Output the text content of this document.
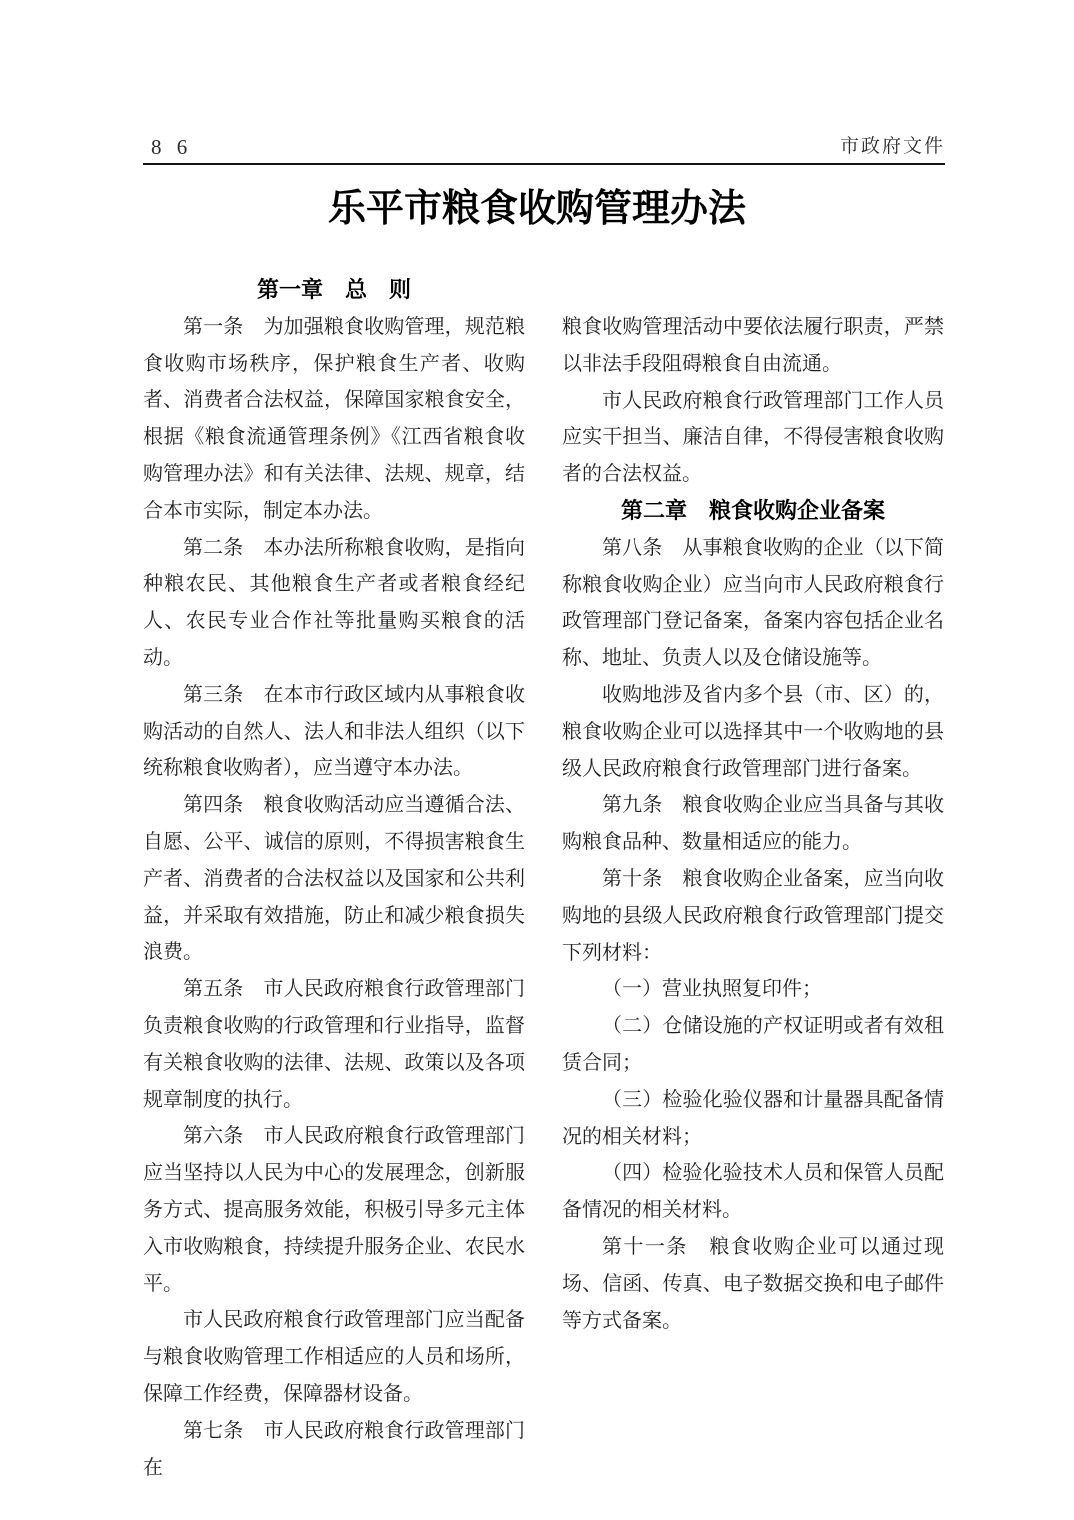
8 6	市政府文件
乐平市粮食收购管理办法

第一章　总　则

第一条　为加强粮食收购管理，规范粮食收购市场秩序，保护粮食生产者、收购者、消费者合法权益，保障国家粮食安全，根据《粮食流通管理条例》《江西省粮食收购管理办法》和有关法律、法规、规章，结合本市实际，制定本办法。

第二条　本办法所称粮食收购，是指向种粮农民、其他粮食生产者或者粮食经纪人、农民专业合作社等批量购买粮食的活动。

第三条　在本市行政区域内从事粮食收购活动的自然人、法人和非法人组织（以下统称粮食收购者），应当遵守本办法。

第四条　粮食收购活动应当遵循合法、自愿、公平、诚信的原则，不得损害粮食生产者、消费者的合法权益以及国家和公共利益，并采取有效措施，防止和减少粮食损失浪费。

第五条　市人民政府粮食行政管理部门负责粮食收购的行政管理和行业指导，监督有关粮食收购的法律、法规、政策以及各项规章制度的执行。

第六条　市人民政府粮食行政管理部门应当坚持以人民为中心的发展理念，创新服务方式、提高服务效能，积极引导多元主体入市收购粮食，持续提升服务企业、农民水平。

市人民政府粮食行政管理部门应当配备与粮食收购管理工作相适应的人员和场所，保障工作经费，保障器材设备。

第七条　市人民政府粮食行政管理部门在

粮食收购管理活动中要依法履行职责，严禁以非法手段阻碍粮食自由流通。

市人民政府粮食行政管理部门工作人员应实干担当、廉洁自律，不得侵害粮食收购者的合法权益。

第二章　粮食收购企业备案

第八条　从事粮食收购的企业（以下简称粮食收购企业）应当向市人民政府粮食行政管理部门登记备案，备案内容包括企业名称、地址、负责人以及仓储设施等。

收购地涉及省内多个县（市、区）的，粮食收购企业可以选择其中一个收购地的县级人民政府粮食行政管理部门进行备案。

第九条　粮食收购企业应当具备与其收购粮食品种、数量相适应的能力。

第十条　粮食收购企业备案，应当向收购地的县级人民政府粮食行政管理部门提交下列材料：

（一）营业执照复印件；

（二）仓储设施的产权证明或者有效租赁合同；

（三）检验化验仪器和计量器具配备情况的相关材料；

（四）检验化验技术人员和保管人员配备情况的相关材料。

第十一条　粮食收购企业可以通过现场、信函、传真、电子数据交换和电子邮件等方式备案。
